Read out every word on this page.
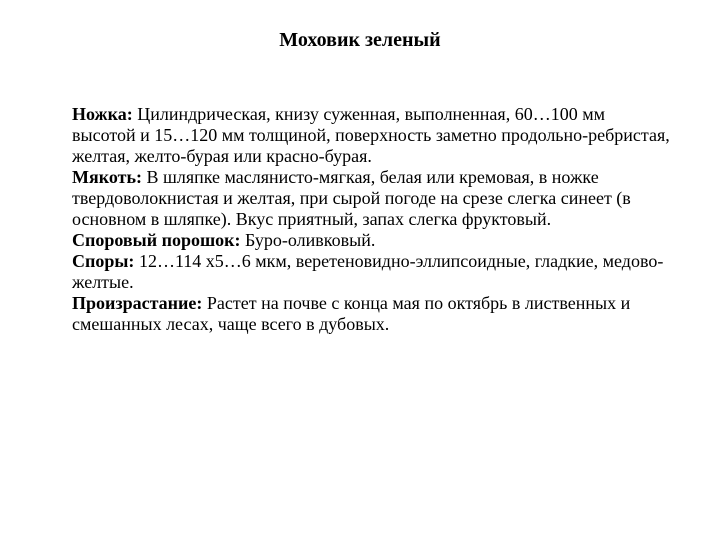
Моховик зеленый

Ножка: Цилиндрическая, книзу суженная, выполненная, 60…100 мм высотой и 15…120 мм толщиной, поверхность заметно продольно-ребристая, желтая, желто-бурая или красно-бурая.

Мякоть: В шляпке маслянисто-мягкая, белая или кремовая, в ножке твердоволокнистая и желтая, при сырой погоде на срезе слегка синеет (в основном в шляпке). Вкус приятный, запах слегка фруктовый.

Споровый порошок: Буро-оливковый.

Споры: 12…114 х5…6 мкм, веретеновидно-эллипсоидные, гладкие, медово-желтые.

Произрастание: Растет на почве с конца мая по октябрь в лиственных и смешанных лесах, чаще всего в дубовых.
